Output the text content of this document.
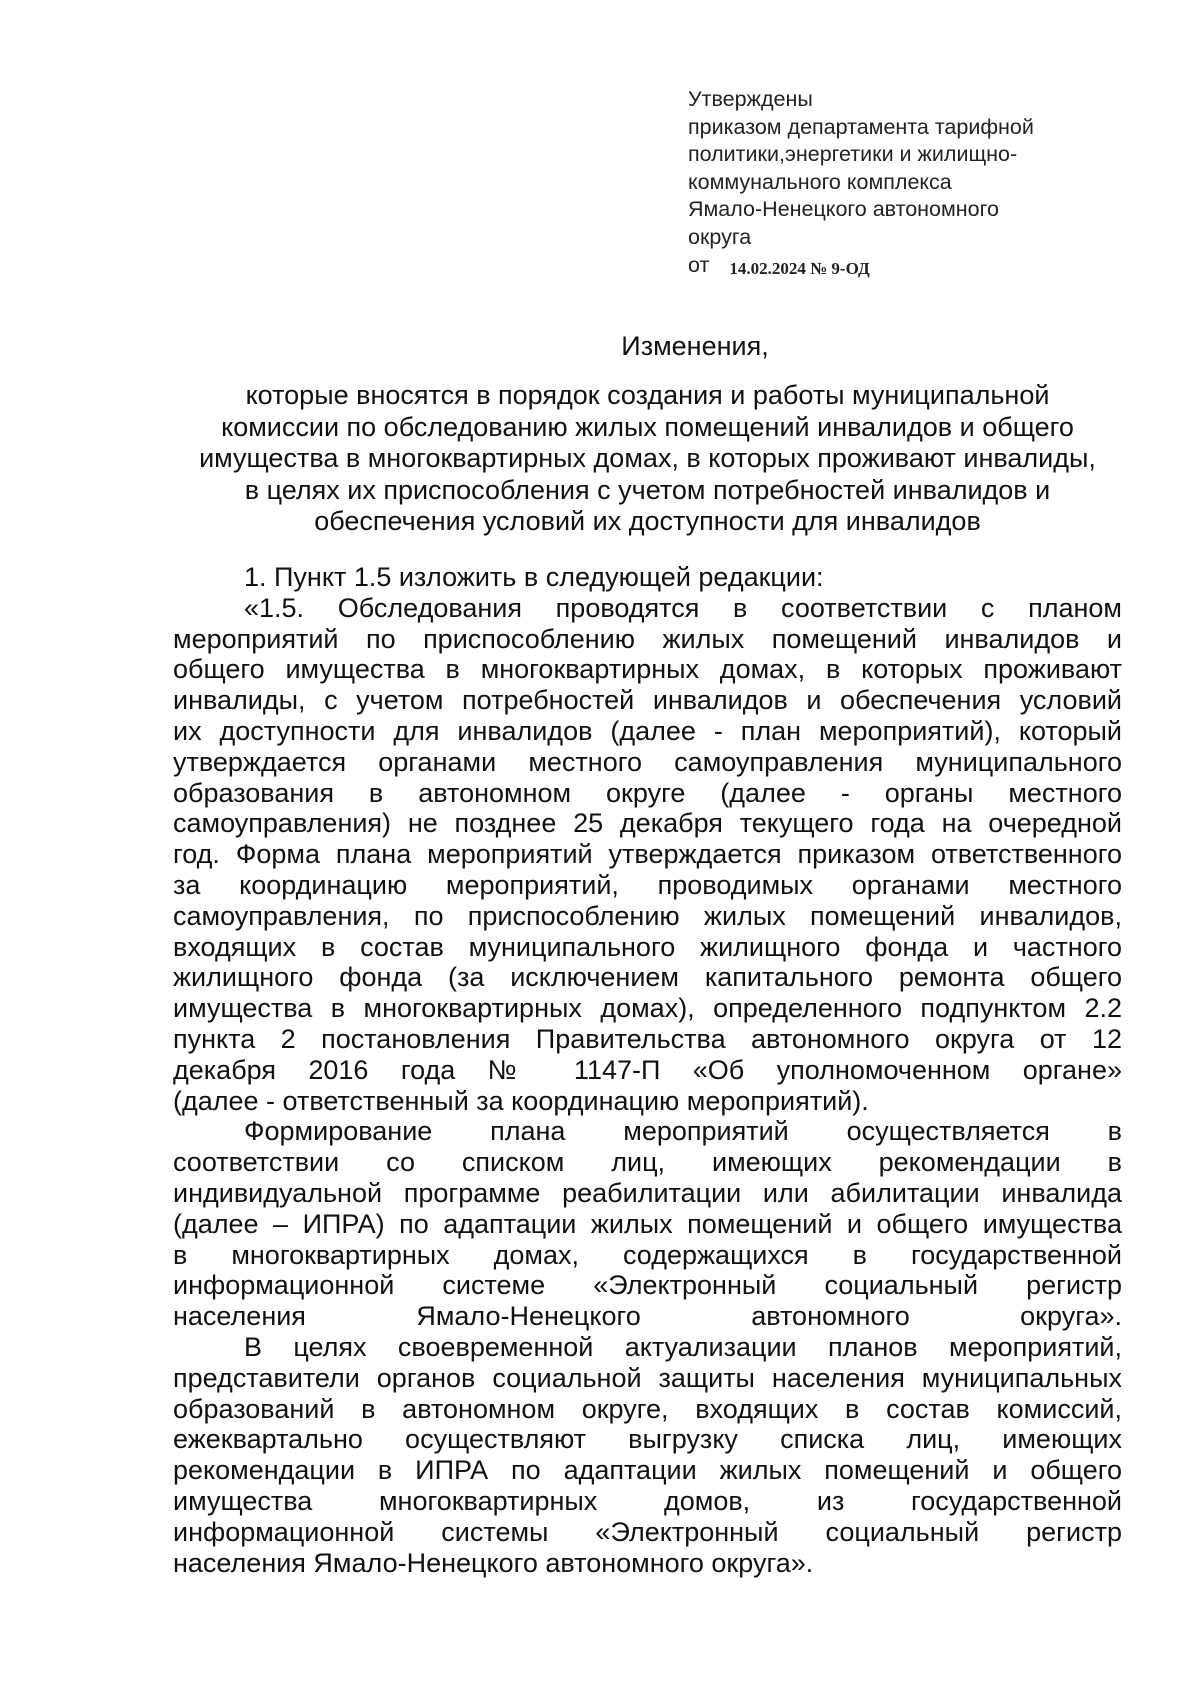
Утверждены
приказом департамента тарифной
политики,энергетики и жилищно-
коммунального комплекса
Ямало-Ненецкого автономного
округа
от 14.02.2024 № 9-ОД
Изменения,
которые вносятся в порядок создания и работы муниципальной
комиссии по обследованию жилых помещений инвалидов и общего
имущества в многоквартирных домах, в которых проживают инвалиды,
в целях их приспособления с учетом потребностей инвалидов и
обеспечения условий их доступности для инвалидов
1. Пункт 1.5 изложить в следующей редакции:
«1.5. Обследования проводятся в соответствии с планом
мероприятий по приспособлению жилых помещений инвалидов и
общего имущества в многоквартирных домах, в которых проживают
инвалиды, с учетом потребностей инвалидов и обеспечения условий
их доступности для инвалидов (далее - план мероприятий), который
утверждается органами местного самоуправления муниципального
образования в автономном округе (далее - органы местного
самоуправления) не позднее 25 декабря текущего года на очередной
год. Форма плана мероприятий утверждается приказом ответственного
за координацию мероприятий, проводимых органами местного
самоуправления, по приспособлению жилых помещений инвалидов,
входящих в состав муниципального жилищного фонда и частного
жилищного фонда (за исключением капитального ремонта общего
имущества в многоквартирных домах), определенного подпунктом 2.2
пункта 2 постановления Правительства автономного округа от 12
декабря 2016 года № 1147-П «Об уполномоченном органе»
(далее - ответственный за координацию мероприятий).
Формирование плана мероприятий осуществляется в
соответствии со списком лиц, имеющих рекомендации в
индивидуальной программе реабилитации или абилитации инвалида
(далее – ИПРА) по адаптации жилых помещений и общего имущества
в многоквартирных домах, содержащихся в государственной
информационной системе «Электронный социальный регистр
населения Ямало-Ненецкого автономного округа».
В целях своевременной актуализации планов мероприятий,
представители органов социальной защиты населения муниципальных
образований в автономном округе, входящих в состав комиссий,
ежеквартально осуществляют выгрузку списка лиц, имеющих
рекомендации в ИПРА по адаптации жилых помещений и общего
имущества многоквартирных домов, из государственной
информационной системы «Электронный социальный регистр
населения Ямало-Ненецкого автономного округа».
